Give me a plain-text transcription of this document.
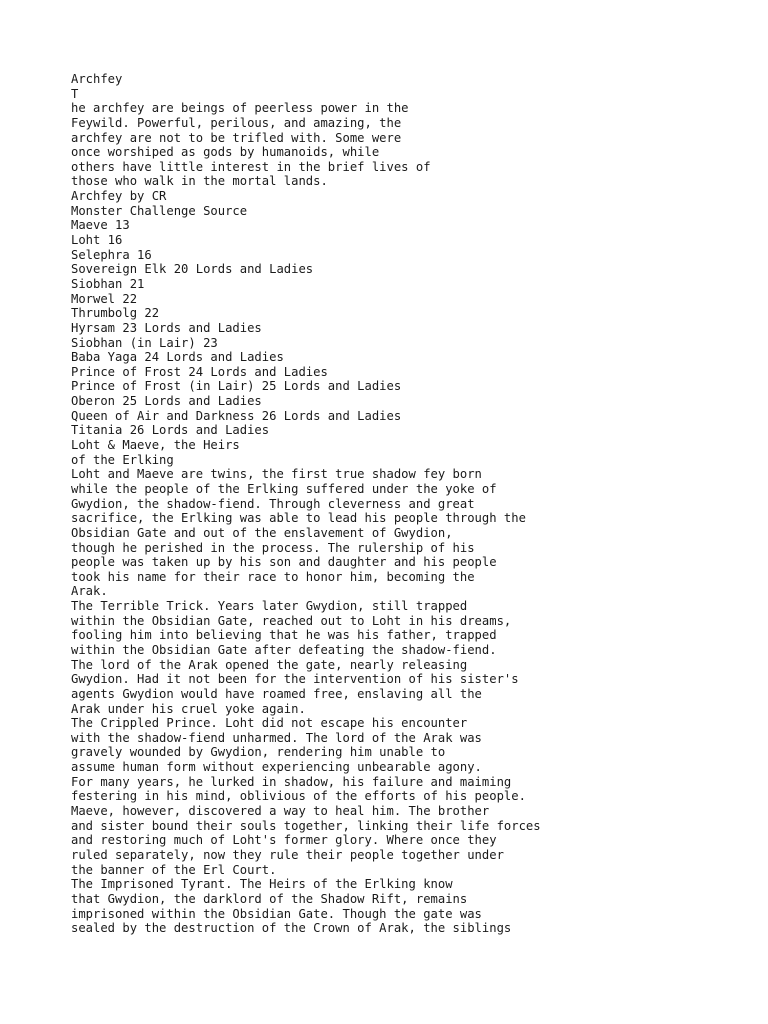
Archfey
T
he archfey are beings of peerless power in the
Feywild. Powerful, perilous, and amazing, the
archfey are not to be trifled with. Some were
once worshiped as gods by humanoids, while
others have little interest in the brief lives of
those who walk in the mortal lands.
Archfey by CR
Monster Challenge Source
Maeve 13
Loht 16
Selephra 16
Sovereign Elk 20 Lords and Ladies
Siobhan 21
Morwel 22
Thrumbolg 22
Hyrsam 23 Lords and Ladies
Siobhan (in Lair) 23
Baba Yaga 24 Lords and Ladies
Prince of Frost 24 Lords and Ladies
Prince of Frost (in Lair) 25 Lords and Ladies
Oberon 25 Lords and Ladies
Queen of Air and Darkness 26 Lords and Ladies
Titania 26 Lords and Ladies
Loht & Maeve, the Heirs
of the Erlking
Loht and Maeve are twins, the first true shadow fey born
while the people of the Erlking suffered under the yoke of
Gwydion, the shadow-fiend. Through cleverness and great
sacrifice, the Erlking was able to lead his people through the
Obsidian Gate and out of the enslavement of Gwydion,
though he perished in the process. The rulership of his
people was taken up by his son and daughter and his people
took his name for their race to honor him, becoming the
Arak.
The Terrible Trick. Years later Gwydion, still trapped
within the Obsidian Gate, reached out to Loht in his dreams,
fooling him into believing that he was his father, trapped
within the Obsidian Gate after defeating the shadow-fiend.
The lord of the Arak opened the gate, nearly releasing
Gwydion. Had it not been for the intervention of his sister's
agents Gwydion would have roamed free, enslaving all the
Arak under his cruel yoke again.
The Crippled Prince. Loht did not escape his encounter
with the shadow-fiend unharmed. The lord of the Arak was
gravely wounded by Gwydion, rendering him unable to
assume human form without experiencing unbearable agony.
For many years, he lurked in shadow, his failure and maiming
festering in his mind, oblivious of the efforts of his people.
Maeve, however, discovered a way to heal him. The brother
and sister bound their souls together, linking their life forces
and restoring much of Loht's former glory. Where once they
ruled separately, now they rule their people together under
the banner of the Erl Court.
The Imprisoned Tyrant. The Heirs of the Erlking know
that Gwydion, the darklord of the Shadow Rift, remains
imprisoned within the Obsidian Gate. Though the gate was
sealed by the destruction of the Crown of Arak, the siblings
